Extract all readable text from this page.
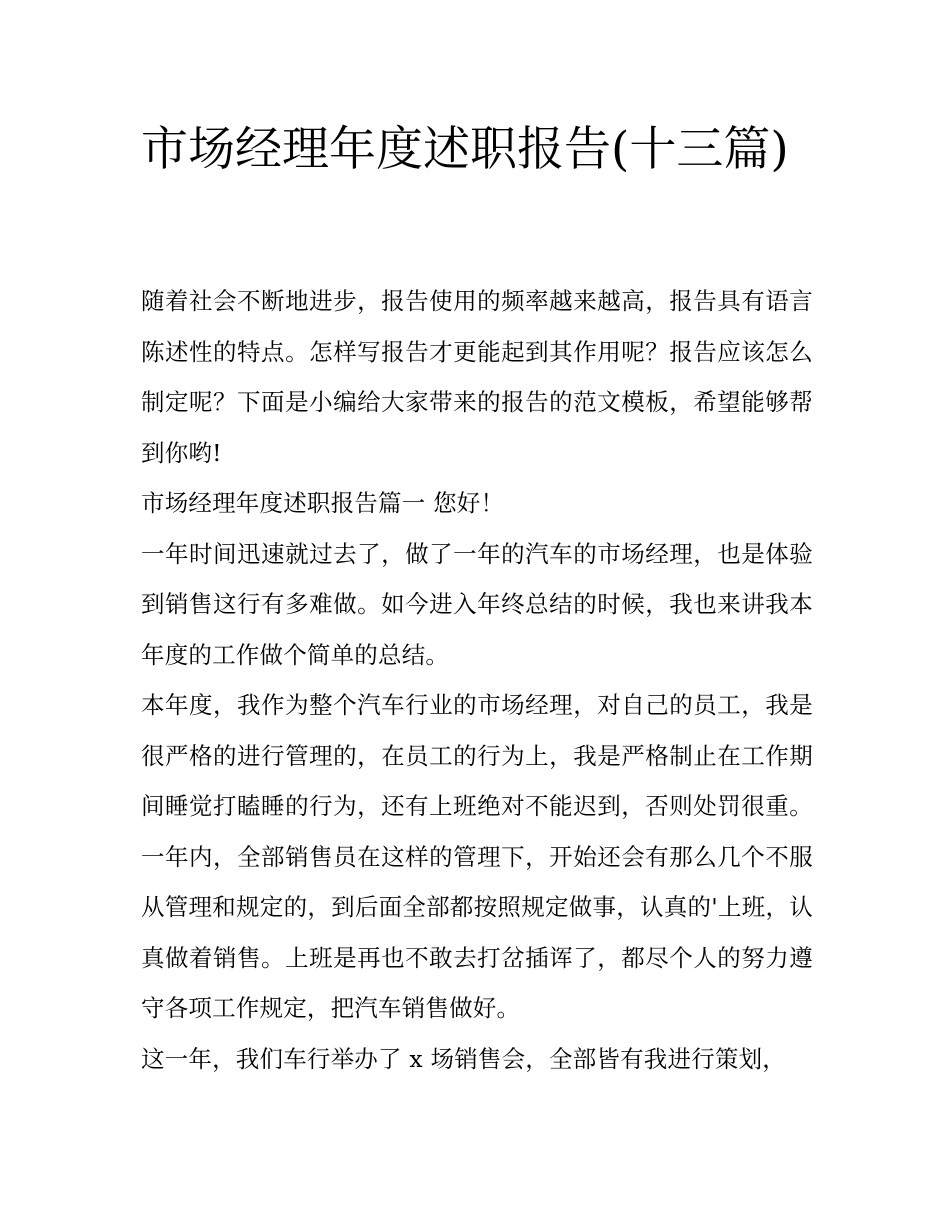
市场经理年度述职报告(十三篇)

随着社会不断地进步，报告使用的频率越来越高，报告具有语言陈述性的特点。怎样写报告才更能起到其作用呢？报告应该怎么制定呢？下面是小编给大家带来的报告的范文模板，希望能够帮到你哟!

市场经理年度述职报告篇一 您好！

一年时间迅速就过去了，做了一年的汽车的市场经理，也是体验到销售这行有多难做。如今进入年终总结的时候，我也来讲我本年度的工作做个简单的总结。

本年度，我作为整个汽车行业的市场经理，对自己的员工，我是很严格的进行管理的，在员工的行为上，我是严格制止在工作期间睡觉打瞌睡的行为，还有上班绝对不能迟到，否则处罚很重。一年内，全部销售员在这样的管理下，开始还会有那么几个不服从管理和规定的，到后面全部都按照规定做事，认真的'上班，认真做着销售。上班是再也不敢去打岔插诨了，都尽个人的努力遵守各项工作规定，把汽车销售做好。

这一年，我们车行举办了 x 场销售会，全部皆有我进行策划，
